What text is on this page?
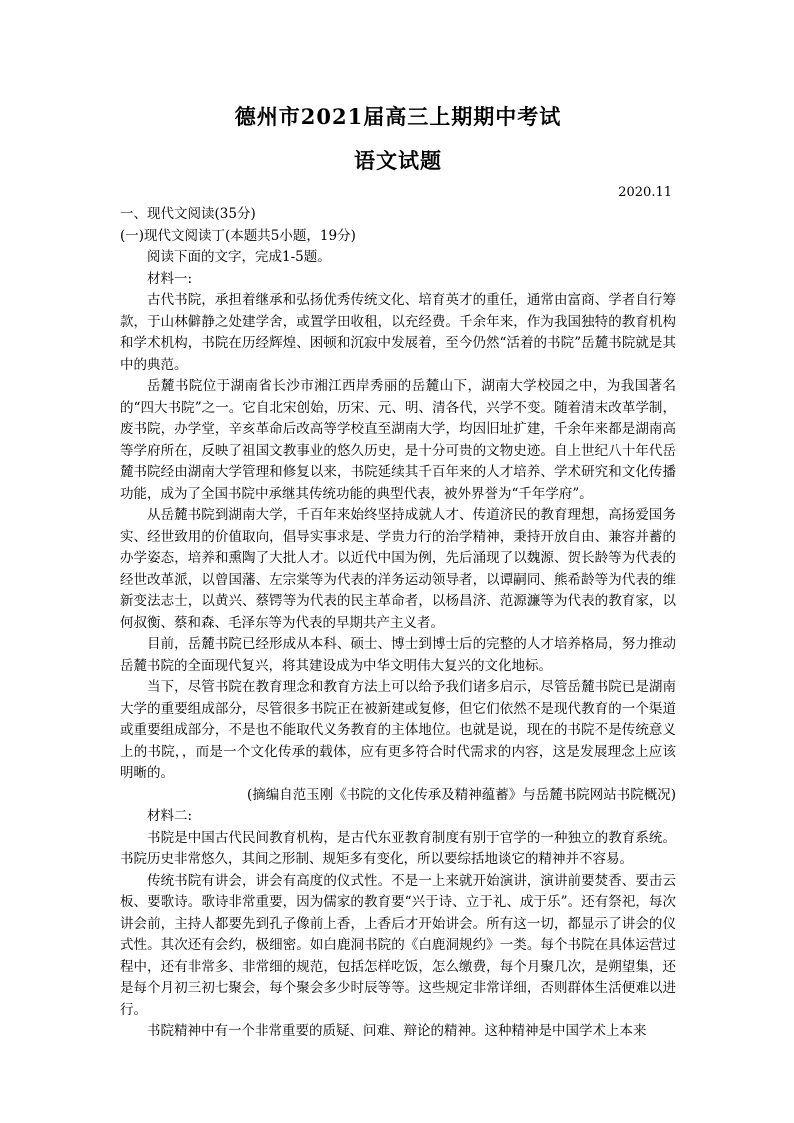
德州市2021届高三上期期中考试
语文试题
2020.11
一、现代文阅读(35分)
(一)现代文阅读丁(本题共5小题，19分)
阅读下面的文字，完成1-5题。
材料一:

古代书院，承担着继承和弘扬优秀传统文化、培育英才的重任，通常由富商、学者自行筹款，于山林僻静之处建学舍，或置学田收租，以充经费。千余年来，作为我国独特的教育机构和学术机构，书院在历经辉煌、困顿和沉寂中发展着，至今仍然“活着的书院”岳麓书院就是其中的典范。

岳麓书院位于湖南省长沙市湘江西岸秀丽的岳麓山下，湖南大学校园之中，为我国著名的“四大书院”之一。它自北宋创始，历宋、元、明、清各代，兴学不变。随着清末改革学制，废书院，办学堂，辛亥革命后改高等学校直至湖南大学，均因旧址扩建，千余年来都是湖南高等学府所在，反映了祖国文教事业的悠久历史，是十分可贵的文物史迹。自上世纪八十年代岳麓书院经由湖南大学管理和修复以来，书院延续其千百年来的人才培养、学术研究和文化传播功能，成为了全国书院中承继其传统功能的典型代表，被外界誉为“千年学府”。

从岳麓书院到湖南大学，千百年来始终坚持成就人才、传道济民的教育理想，高扬爱国务实、经世致用的价值取向，倡导实事求是、学贵力行的治学精神，秉持开放自由、兼容并蓄的办学姿态，培养和熏陶了大批人才。以近代中国为例，先后涌现了以魏源、贺长龄等为代表的经世改革派，以曾国藩、左宗棠等为代表的洋务运动领导者，以谭嗣同、熊希龄等为代表的维新变法志士，以黄兴、蔡锷等为代表的民主革命者，以杨昌济、范源濂等为代表的教育家，以何叔衡、蔡和森、毛泽东等为代表的早期共产主义者。

目前，岳麓书院已经形成从本科、硕士、博士到博士后的完整的人才培养格局，努力推动岳麓书院的全面现代复兴，将其建设成为中华文明伟大复兴的文化地标。

当下，尽管书院在教育理念和教育方法上可以给予我们诸多启示，尽管岳麓书院已是湖南大学的重要组成部分，尽管很多书院正在被新建或复修，但它们依然不是现代教育的一个渠道或重要组成部分，不是也不能取代义务教育的主体地位。也就是说，现在的书院不是传统意义上的书院，，而是一个文化传承的载体，应有更多符合时代需求的内容，这是发展理念上应该明晰的。

(摘编自范玉刚《书院的文化传承及精神蕴蓄》与岳麓书院网站书院概况)
材料二:

书院是中国古代民间教育机构，是古代东亚教育制度有别于官学的一种独立的教育系统。书院历史非常悠久，其间之形制、规矩多有变化，所以要综括地谈它的精神并不容易。

传统书院有讲会，讲会有高度的仪式性。不是一上来就开始演讲，演讲前要焚香、要击云板、要歌诗。歌诗非常重要，因为儒家的教育要“兴于诗、立于礼、成于乐”。还有祭祀，每次讲会前，主持人都要先到孔子像前上香，上香后才开始讲会。所有这一切，都显示了讲会的仪式性。其次还有会约，极细密。如白鹿洞书院的《白鹿洞规约》一类。每个书院在具体运营过程中，还有非常多、非常细的规范，包括怎样吃饭，怎么缴费，每个月聚几次，是朔望集，还是每个月初三初七聚会，每个聚会多少时辰等等。这些规定非常详细，否则群体生活便难以进行。

书院精神中有一个非常重要的质疑、问难、辩论的精神。这种精神是中国学术上本来
